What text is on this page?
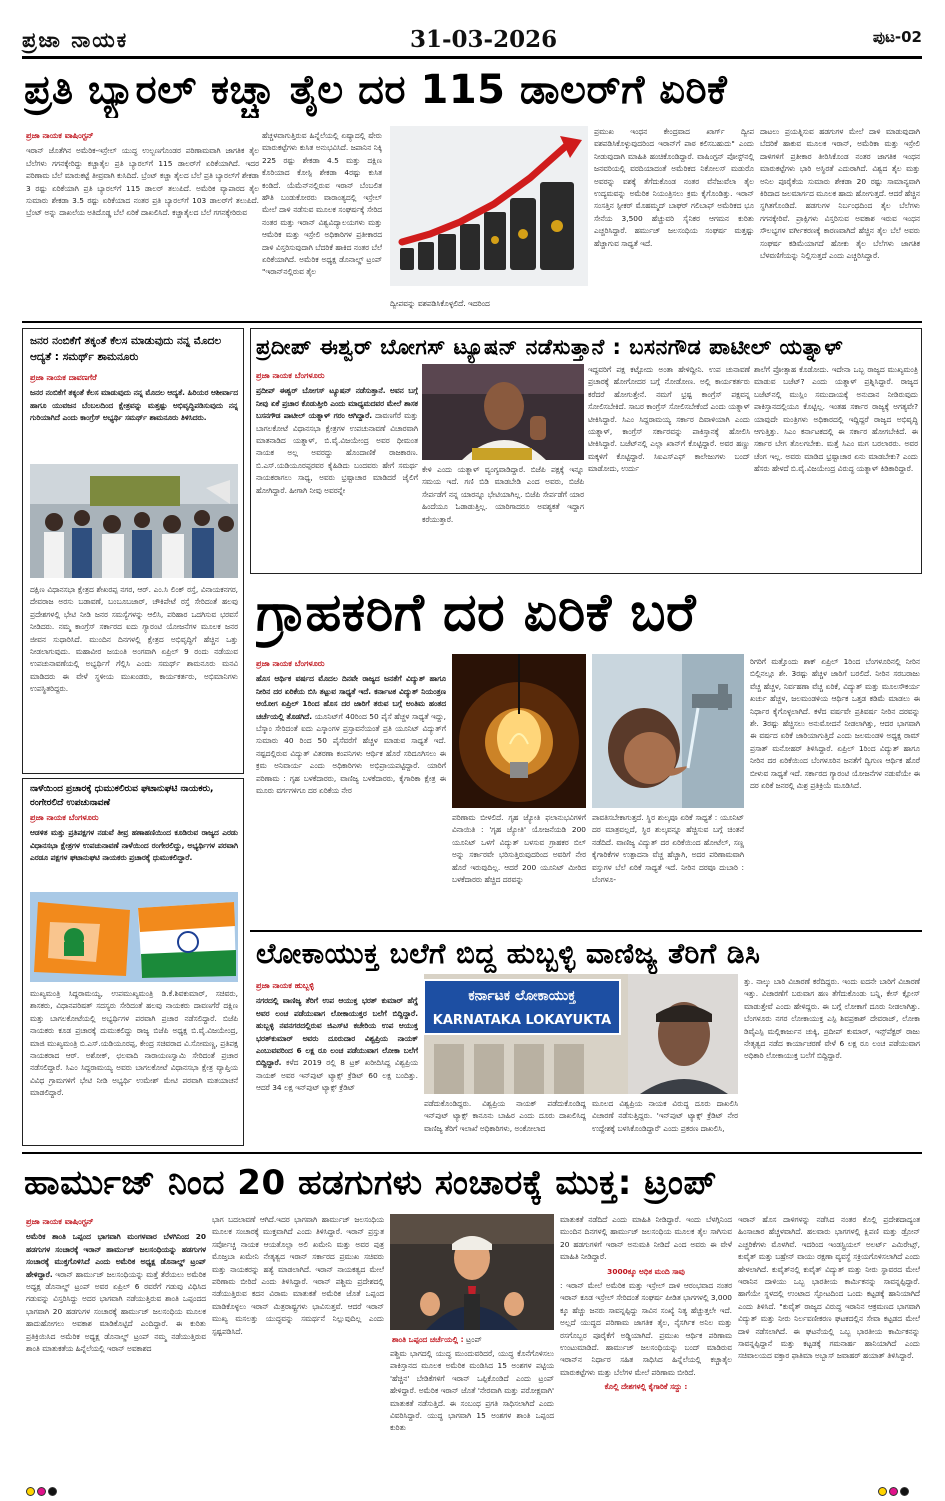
ಪ್ರಜಾ ನಾಯಕ	31-03-2026	ಪುಟ-02
ಪ್ರತಿ ಬ್ಯಾರಲ್ ಕಚ್ಚಾ ತೈಲ ದರ 115 ಡಾಲರ್‌ಗೆ ಏರಿಕೆ
ಪ್ರಜಾ ನಾಯಕ ವಾಷಿಂಗ್ಟನ್
ಇರಾನ್ ಜೊತೆಗಿನ ಅಮೆರಿಕ-ಇಸ್ರೇಲ್ ಯುದ್ಧ ಉಲ್ಬಣಗೊಂಡರ ಪರಿಣಾಮವಾಗಿ ಜಾಗತಿಕ ತೈಲ ಬೆಲೆಗಳು ಗಗನಕ್ಕೇರಿದ್ದು ಕಚ್ಚಾತೈಲ ಪ್ರತಿ ಬ್ಯಾರಲ್‌ಗೆ 115 ಡಾಲರ್‌ಗೆ ಏರಿಕೆಯಾಗಿದೆ. ಇದರ ಪರಿಣಾಮ ಬೆಲೆ ಮಾರುಕಟ್ಟೆ ತೀವ್ರವಾಗಿ ಕುಸಿದಿದೆ. ಬ್ರೆಂಟ್ ಕಚ್ಚಾ ತೈಲದ ಬೆಲೆ ಪ್ರತಿ ಬ್ಯಾರಲ್‌ಗೆ ಶೇಕಡಾ 3 ರಷ್ಟು ಏರಿಕೆಯಾಗಿ ಪ್ರತಿ ಬ್ಯಾರಲ್‌ಗೆ 115 ಡಾಲರ್ ತಲುಪಿದೆ. ಅಮೆರಿಕ ವ್ಯಾಪಾರದ ತೈಲ ಸುಮಾರು ಶೇಕಡಾ 3.5 ರಷ್ಟು ಏರಿಕೆಯಾದ ನಂತರ ಪ್ರತಿ ಬ್ಯಾರಲ್‌ಗೆ 103 ಡಾಲರ್‌ಗೆ ತಲುಪಿದೆ. ಬ್ರೆಂಟ್ ಅನ್ನು ದಾಖಲೆಯ ಅತಿದೊಡ್ಡ ಬೆಲೆ ಏರಿಕೆ ದಾಖಲಿಸಿದೆ. ಕಚ್ಚಾತೈಲದ ಬೆಲೆ ಗಗನಕ್ಕೇರಿರುವ
ಹೆಚ್ಚಳವಾಗುತ್ತಿರುವ ಹಿನ್ನೆಲೆಯಲ್ಲಿ ಏಷ್ಯಾದಲ್ಲಿ ಷೇರು ಮಾರುಕಟ್ಟೆಗಳು ಕುಸಿತ ಅನುಭವಿಸಿದೆ. ಜಪಾನಿನ ನಿಕ್ಕಿ 225 ರಷ್ಟು ಶೇಕಡಾ 4.5 ಮತ್ತು ದಕ್ಷಿಣ ಕೊರಿಯಾದ ಕೋಸ್ಪಿ ಶೇಕಡಾ 4ರಷ್ಟು ಕುಸಿತ ಕಂಡಿದೆ. ಯೆಮೆನ್‌ನಲ್ಲಿರುವ ಇರಾನ್ ಬೆಂಬಲಿತ ಹೌತಿ ಬಂಡುಕೋರರು ವಾರಾಂತ್ಯದಲ್ಲಿ ಇಸ್ರೇಲ್ ಮೇಲೆ ದಾಳಿ ನಡೆಸುವ ಮೂಲಕ ಸಂಘರ್ಷಕ್ಕೆ ಸೇರಿದ ನಂತರ ಮತ್ತು ಇರಾನ್ ವಿಶ್ವವಿದ್ಯಾಲಯಗಳು ಮತ್ತು ಆಮೆರಿಕ ಮತ್ತು ಇಸ್ರೇಲಿ ಅಧಿಕಾರಿಗಳ ಪ್ರತೀಕಾರದ ದಾಳಿ ವಿಸ್ತರಿಸುವುದಾಗಿ ಬೆದರಿಕೆ ಹಾಕಿದ ನಂತರ ಬೆಲೆ ಏರಿಕೆಯಾಗಿದೆ. ಅಮೆರಿಕ ಅಧ್ಯಕ್ಷ ಡೊನಾಲ್ಡ್ ಟ್ರಂಪ್ "ಇರಾನ್‌ನಲ್ಲಿರುವ ತೈಲ
ದ್ವೀಪವನ್ನು ವಶಪಡಿಸಿಕೊಳ್ಳಲಿದೆ. ಇದರಿಂದ
ಪ್ರಮುಖ ಇಂಧನ ಕೇಂದ್ರವಾದ ಖಾರ್ಗ್ ದ್ವೀಪ ವಶಪಡಿಸಿಕೊಳ್ಳುವುದರಿಂದ ಇರಾನ್‌ಗೆ ಪಾಠ ಕಲಿಸಬಹುದು" ಎಂದು ನೀಡುವುದಾಗಿ ಮಾಹಿತಿ ಹಂಚಿಕೊಂಡಿದ್ದಾರೆ. ವಾಷಿಂಗ್ಟನ್ ಪೋಸ್ಟ್‌ನಲ್ಲಿ ಜನವರಿಯಲ್ಲಿ ವರದಿಯಾದಂತೆ ಅಮೆರಿಕದ ನಿಕೋಲಸ್ ಮಡುರೊ ಅವರನ್ನು ವಶಕ್ಕೆ ತೆಗೆದುಕೊಂಡ ನಂತರ ವೆನೆಜುವೆಲಾ ತೈಲ ಉದ್ಯಮವನ್ನು ಅಮೆರಿಕ ನಿಯಂತ್ರಿಸಲು ಕ್ರಮ ಕೈಗೊಂಡಿತ್ತು. ಇರಾನ್ ಸಂಸತ್ತಿನ ಸ್ಪೀಕರ್ ಮೊಹಮ್ಮದ್ ಬಾಘರ್ ಗಲಿಬಾಫ್ ಅಮೆರಿಕದ ಭೂ ಸೇನೆಯ 3,500 ಹೆಚ್ಚುವರಿ ಸೈನಿಕರ ಆಗಮನ ಕುರಿತು ಎಚ್ಚರಿಸಿದ್ದಾರೆ. ಹರ್ಮುಜ್ ಜಲಸಂಧಿಯ ಸಂಘರ್ಷ ಮತ್ತಷ್ಟು ಹೆಚ್ಚಾಗುವ ಸಾಧ್ಯತೆ ಇದೆ.
ದಾಟಲು ಪ್ರಯತ್ನಿಸುವ ಹಡಗುಗಳ ಮೇಲೆ ದಾಳಿ ಮಾಡುವುದಾಗಿ ಬೆದರಿಕೆ ಹಾಕುವ ಮೂಲಕ ಇರಾನ್, ಅಮೆರಿಕಾ ಮತ್ತು ಇಸ್ರೇಲಿ ದಾಳಿಗಳಿಗೆ ಪ್ರತೀಕಾರ ತೀರಿಸಿಕೊಂಡ ನಂತರ ಜಾಗತಿಕ ಇಂಧನ ಮಾರುಕಟ್ಟೆಗಳು ಭಾರಿ ಅಸ್ಥಿರತೆ ಎದುರಾಗಿದೆ. ವಿಶ್ವದ ತೈಲ ಮತ್ತು ಅನಿಲ ಪೂರೈಕೆಯ ಸುಮಾರು ಶೇಕಡಾ 20 ರಷ್ಟು ಸಾಮಾನ್ಯವಾಗಿ ಕಿರಿದಾದ ಜಲಮಾರ್ಗದ ಮೂಲಕ ಹಾದು ಹೋಗುತ್ತದೆ. ಆದರೆ ಹೆಚ್ಚಿನ ಸ್ಥಗಿತಗೊಂಡಿದೆ. ಹಡಗುಗಳ ನಿರ್ಬಂಧದಿಂದ ತೈಲ ಬೆಲೆಗಳು ಗಗನಕ್ಕೇರಿವೆ. ಪ್ರಾಕ್ಸಿಗಳು ವಿಸ್ತರಿಸುವ ಅವಕಾಶ ಇರುವ ಇಂಧನ ಸೌಲಭ್ಯಗಳ ವರ್ಗೀಕರಣಕ್ಕೆ ಕಾರಣವಾಗಿದೆ ಹೆಚ್ಚಿನ ತೈಲ ಬೆಲೆ ಅವರು ಸಂಘರ್ಷ ಕಡಿಮೆಯಾಗದೆ ಹೋಕು ತೈಲ ಬೆಲೆಗಳು ಜಾಗತಿಕ ಬೆಳವಣಿಗೆಯನ್ನು ನಿಲ್ಲಿಸುತ್ತದೆ ಎಂದು ಎಚ್ಚರಿಸಿದ್ದಾರೆ.
ಜನರ ನಂಬಿಕೆಗೆ ತಕ್ಕಂತೆ ಕೆಲಸ ಮಾಡುವುದು ನನ್ನ ಮೊದಲ ಆದ್ಯತೆ : ಸಮರ್ಥ್ ಶಾಮನೂರು
ಪ್ರಜಾ ನಾಯಕ ದಾವಣಗೆರೆ
ಜನರ ನಂಬಿಕೆಗೆ ತಕ್ಕಂತೆ ಕೆಲಸ ಮಾಡುವುದು ನನ್ನ ಮೊದಲ ಆದ್ಯತೆ. ಹಿರಿಯರ ಆಶೀರ್ವಾದ ಹಾಗೂ ಯುವಜನ ಬೆಂಬಲದಿಂದ ಕ್ಷೇತ್ರವನ್ನು ಮತ್ತಷ್ಟು ಅಭಿವೃದ್ಧಿಪಡಿಸುವುದು ನನ್ನ ಗುರಿಯಾಗಿದೆ ಎಂದು ಕಾಂಗ್ರೆಸ್ ಅಭ್ಯರ್ಥಿ ಸಮರ್ಥ್ ಶಾಮನೂರು ತಿಳಿಸಿದರು.
ದಕ್ಷಿಣ ವಿಧಾನಸಭಾ ಕ್ಷೇತ್ರದ ಶೇಖರಪ್ಪ ನಗರ, ಆರ್. ಎಂ.ಸಿ ಲಿಂಕ್ ರಸ್ತೆ, ವಿನಾಯಕನಗರ, ದೇವರಾಜ ಅರಸು ಬಡಾವಣೆ, ಬಂಬೂಬಜಾರ್, ಚೌಕಿಪೇಟೆ ರಸ್ತೆ ಸೇರಿದಂತೆ ಹಲವು ಪ್ರದೇಶಗಳಲ್ಲಿ ಭೇಟಿ ನೀಡಿ ಜನರ ಸಮಸ್ಯೆಗಳನ್ನು ಆಲಿಸಿ, ಪರಿಹಾರ ಒದಗಿಸುವ ಭರವಸೆ ನೀಡಿದರು. ನಮ್ಮ ಕಾಂಗ್ರೆಸ್ ಸರ್ಕಾರದ ಐದು ಗ್ಯಾರಂಟಿ ಯೋಜನೆಗಳ ಮೂಲಕ ಜನರ ಜೀವನ ಸುಧಾರಿಸಿದೆ. ಮುಂದಿನ ದಿನಗಳಲ್ಲಿ ಕ್ಷೇತ್ರದ ಅಭಿವೃದ್ಧಿಗೆ ಹೆಚ್ಚಿನ ಒತ್ತು ನೀಡಲಾಗುವುದು. ಮಹಾವೀರ ಜಯಂತಿ ಅಂಗವಾಗಿ ಏಪ್ರಿಲ್ 9 ರಂದು ನಡೆಯುವ ಉಪಚುನಾವಣೆಯಲ್ಲಿ ಅಭ್ಯರ್ಥಿಗೆ ಗೆಲ್ಲಿಸಿ ಎಂದು ಸಮರ್ಥ್ ಶಾಮನೂರು ಮನವಿ ಮಾಡಿದರು ಈ ವೇಳೆ ಸ್ಥಳೀಯ ಮುಖಂಡರು, ಕಾರ್ಯಕರ್ತರು, ಅಭಿಮಾನಿಗಳು ಉಪಸ್ಥಿತರಿದ್ದರು.
ನಾಳೆಯಿಂದ ಪ್ರಚಾರಕ್ಕೆ ಧುಮುಕಲಿರುವ ಘಟಾನುಘಟಿ ನಾಯಕರು, ರಂಗೇರಲಿದೆ ಉಪಚುನಾವಣೆ
ಪ್ರಜಾ ನಾಯಕ ಬೆಂಗಳೂರು
ಆಡಳಿತ ಮತ್ತು ಪ್ರತಿಪಕ್ಷಗಳ ನಡುವೆ ತೀವ್ರ ಹಣಾಹಣಿಯಿಂದ ಕೂಡಿರುವ ರಾಜ್ಯದ ಎರಡು ವಿಧಾನಸಭಾ ಕ್ಷೇತ್ರಗಳ ಉಪಚುನಾವಣೆ ನಾಳೆಯಿಂದ ರಂಗೇರಲಿದ್ದು, ಅಭ್ಯರ್ಥಿಗಳ ಪರವಾಗಿ ಎರಡೂ ಪಕ್ಷಗಳ ಘಟಾನುಘಟಿ ನಾಯಕರು ಪ್ರಚಾರಕ್ಕೆ ಧುಮುಕಲಿದ್ದಾರೆ.
ಮುಖ್ಯಮಂತ್ರಿ ಸಿದ್ದರಾಮಯ್ಯ, ಉಪಮುಖ್ಯಮಂತ್ರಿ ಡಿ.ಕೆ.ಶಿವಕುಮಾರ್, ಸಚಿವರು, ಶಾಸಕರು, ವಿಧಾನಪರಿಷತ್ ಸದಸ್ಯರು ಸೇರಿದಂತೆ ಹಲವು ನಾಯಕರು ದಾವಣಗೆರೆ ದಕ್ಷಿಣ ಮತ್ತು ಬಾಗಲಕೋಟೆಯಲ್ಲಿ ಅಭ್ಯರ್ಥಿಗಳ ಪರವಾಗಿ ಪ್ರಚಾರ ನಡೆಸಲಿದ್ದಾರೆ. ಬಿಜೆಪಿ ನಾಯಕರು ಕೂಡ ಪ್ರಚಾರಕ್ಕೆ ದುಮುಕಲಿದ್ದು ರಾಜ್ಯ ಬಿಜೆಪಿ ಅಧ್ಯಕ್ಷ ಬಿ.ವೈ.ವಿಜಯೇಂದ್ರ, ಮಾಜಿ ಮುಖ್ಯಮಂತ್ರಿ ಬಿ.ಎಸ್.ಯಡಿಯೂರಪ್ಪ, ಕೇಂದ್ರ ಸಚಿವರಾದ ವಿ.ಸೋಮಣ್ಣ, ಪ್ರತಿಪಕ್ಷ ನಾಯಕರಾದ ಆರ್. ಅಶೋಕ್, ಛಲವಾದಿ ನಾರಾಯಣಸ್ವಾಮಿ ಸೇರಿದಂತೆ ಪ್ರಚಾರ ನಡೆಸಲಿದ್ದಾರೆ. ಸಿಎಂ ಸಿದ್ದರಾಮಯ್ಯ ಅವರು ಬಾಗಲಕೋಟೆ ವಿಧಾನಸಭಾ ಕ್ಷೇತ್ರ ವ್ಯಾಪ್ತಿಯ ವಿವಿಧ ಗ್ರಾಮಗಳಿಗೆ ಭೇಟಿ ನೀಡಿ ಅಭ್ಯರ್ಥಿ ಉಮೇಶ್ ಮೇಟಿ ಪರವಾಗಿ ಮತಯಾಚನೆ ಮಾಡಲಿದ್ದಾರೆ.
ಪ್ರದೀಪ್ ಈಶ್ವರ್ ಬೋಗಸ್ ಟ್ಯೂಷನ್ ನಡೆಸುತ್ತಾನೆ : ಬಸನಗೌಡ ಪಾಟೀಲ್ ಯತ್ನಾಳ್
ಪ್ರಜಾ ನಾಯಕ ಬೆಂಗಳೂರು
ಪ್ರದೀಪ್ ಈಶ್ವರ್ ಬೋಗಸ್ ಟ್ಯೂಷನ್ ನಡೆಸುತ್ತಾನೆ. ಅವನ ಬಗ್ಗೆ ನೀವು ಏಕೆ ಪ್ರಚಾರ ಕೊಡುತ್ತೀರಿ ಎಂದು ಮಾಧ್ಯಮದವರ ಮೇಲೆ ಶಾಸಕ ಬಸನಗೌಡ ಪಾಟೀಲ್ ಯತ್ನಾಳ್ ಗರಂ ಆಗಿದ್ದಾರೆ. ದಾವಣಗೆರೆ ಮತ್ತು ಬಾಗಲಕೋಟೆ ವಿಧಾನಸಭಾ ಕ್ಷೇತ್ರಗಳ ಉಪಚುನಾವಣೆ ವಿಚಾರವಾಗಿ ಮಾತನಾಡಿದ ಯತ್ನಾಳ್, ಬಿ.ವೈ.ವಿಜಯೇಂದ್ರ ಅವರ ಧೀಮಂತ ನಾಯಕ ಅಲ್ಲ ಅವರದ್ದು ಹೊಂದಾಣಿಕೆ ರಾಜಕಾರಣ. ಬಿ.ಎಸ್.ಯಡಿಯೂರಪ್ಪರವರ ಕೈಹಿಡಿದು ಬಂದವರು ಹೇಗೆ ಸಮರ್ಥ ನಾಯಕರಾಗಲು ಸಾಧ್ಯ, ಅವರು ಭ್ರಷ್ಟಾಚಾರ ಮಾಡಿದರೆ ಜೈಲಿಗೆ ಹೋಗಿದ್ದಾರೆ. ಹೀಗಾಗಿ ನೀವು ಅವರನ್ನೇ
ಕೇಳಿ ಎಂದು ಯತ್ನಾಳ್ ವ್ಯಂಗ್ಯವಾಡಿದ್ದಾರೆ. ಬಿಜೆಪಿ ಪಕ್ಷಕ್ಕೆ ಇನ್ನೂ ಸಮಯ ಇದೆ. ಗಣಿ ಬಿಡಿ ಮಾಡಬೇಡಿ ಎಂದ ಅವರು, ಬಿಜೆಪಿ ಸೇರ್ಪಡೆಗೆ ನನ್ನ ಯಾರನ್ನೂ ಭೇಟಿಯಾಗಿಲ್ಲ. ಬಿಜೆಪಿ ಸೇರ್ಪಡೆಗೆ ಯಾರ ಹಿಂದೆಯೂ ಓಡಾಡುತ್ತಿಲ್ಲ. ಯಾರಿಗಾದರೂ ಅವಶ್ಯಕತೆ ಇದ್ದಾಗ ಕರೆಯುತ್ತಾರೆ.
ಇದ್ದವರಿಗೆ ಪಕ್ಷ ಕಟ್ಟೋದು ಅಂತಾ ಹೇಳಿದ್ದೀನಿ. ಉಪ ಚುನಾವಣೆ ಪ್ರಚಾರಕ್ಕೆ ಹೋಗೋದರ ಬಗ್ಗೆ ನೋಡೋಣ. ಅಲ್ಲಿ ಕಾರ್ಯಕರ್ತರು ಕರೆದರೆ ಹೋಗುತ್ತೇನೆ. ನಮಗೆ ಭ್ರಷ್ಟ ಕಾಂಗ್ರೆಸ್ ಪಕ್ಷವನ್ನ ಸೋಲಿಸಬೇಕಿದೆ. ಸಾಬರ ಕಾಂಗ್ರೆಸ್ ಸೋಲಿಸಬೇಕೆಂದೆ ಎಂದು ಯತ್ನಾಳ್ ಟೀಕಿಸಿದ್ದಾರೆ. ಸಿಎಂ ಸಿದ್ದರಾಮಯ್ಯ ಸರ್ಕಾರ ದಿವಾಳಿಯಾಗಿ ಎಂದು ಯತ್ನಾಳ್, ಕಾಂಗ್ರೆಸ್ ಸರ್ಕಾರವನ್ನು ಪಾಕಿಸ್ತಾನಕ್ಕೆ ಹೋಲಿಸಿ ಟೀಕಿಸಿದ್ದಾರೆ. ಬಜೆಟ್‌ನಲ್ಲಿ ಎಲ್ಲಾ ಖಾನ್‌ಗೆ ಕೊಟ್ಟಿದ್ದಾರೆ. ಅವರ ಹಣ್ಣು ಮಕ್ಕಳಿಗೆ ಕೊಟ್ಟಿದ್ದಾರೆ. ಸಿಐಎಸ್ಎಫ್ ಕಾಲೇಜುಗಳು ಬಂದ್ ಮಾಡೋದು, ಉರ್ದು
ಶಾಲೆಗೆ ಪ್ರೋತ್ಸಾಹ ಕೊಡೋದು. ಇದೇನಾ ಒಬ್ಬ ರಾಜ್ಯದ ಮುಖ್ಯಮಂತ್ರಿ ಮಾಡುವ ಬಜೆಟ್? ಎಂದು ಯತ್ನಾಳ್ ಪ್ರಶ್ನಿಸಿದ್ದಾರೆ. ರಾಜ್ಯದ ಬಜೆಟ್‌ನಲ್ಲಿ ಮುಸ್ಲಿಂ ಸಮುದಾಯಕ್ಕೆ ಅನುದಾನ ನೀಡಿರುವುದು ಪಾಕಿಸ್ತಾನದಲ್ಲಿಯೂ ಕೊಟ್ಟಿಲ್ಲ. ಇಂತಹ ಸರ್ಕಾರ ರಾಜ್ಯಕ್ಕೆ ಅಗತ್ಯವೇ? ಯಾವುದೇ ಮಂತ್ರಿಗಳು ಅಧಿಕಾರದಲ್ಲಿ ಇದ್ದಿದ್ದರೆ ರಾಜ್ಯದ ಅಭಿವೃದ್ಧಿ ಆಗುತ್ತಿತ್ತು. ಸಿಎಂ ಕರ್ನಾಟಕದಲ್ಲಿ ಈ ಸರ್ಕಾರ ಹೋಗಬೇಕಿದೆ. ಈ ಸರ್ಕಾರ ಬೇಗ ತೊಲಗಬೇಕು. ಮತ್ತೆ ಸಿಎಂ ಮಗ ಬರಲಾರರು. ಅವರ ಚೆಂಗ ಇಲ್ಲ. ಅವರು ಮಾಡಿದ ಭ್ರಷ್ಟಾಚಾರ ಏನು ಮಾಡಬೇಕು? ಎಂದು ಹೆಸರು ಹೇಳದೆ ಬಿ.ವೈ.ವಿಜಯೇಂದ್ರ ವಿರುದ್ಧ ಯತ್ನಾಳ್ ಕಿಡಿಕಾರಿದ್ದಾರೆ.
ಗ್ರಾಹಕರಿಗೆ ದರ ಏರಿಕೆ ಬರೆ
ಪ್ರಜಾ ನಾಯಕ ಬೆಂಗಳೂರು
ಹೊಸ ಆರ್ಥಿಕ ವರ್ಷದ ಮೊದಲ ದಿನವೇ ರಾಜ್ಯದ ಜನತೆಗೆ ವಿದ್ಯುತ್ ಹಾಗೂ ನೀರಿನ ದರ ಏರಿಕೆಯ ಬಿಸಿ ತಟ್ಟುವ ಸಾಧ್ಯತೆ ಇದೆ. ಕರ್ನಾಟಕ ವಿದ್ಯುತ್ ನಿಯಂತ್ರಣ ಆಯೋಗ ಏಪ್ರಿಲ್ 1ರಿಂದ ಹೊಸ ದರ ಜಾರಿಗೆ ತರುವ ಬಗ್ಗೆ ಅಂತಿಮ ಹಂತದ ಚರ್ಚೆಯಲ್ಲಿ ತೊಡಗಿದೆ. ಯೂನಿಟ್‌ಗೆ 40ರಿಂದ 50 ಪೈಸೆ ಹೆಚ್ಚಳ ಸಾಧ್ಯತೆ ಇದ್ದು, ಬೆಸ್ಕಾಂ ಸೇರಿದಂತೆ ಐದು ಎಸ್ಕಾಂಗಳ ಪ್ರಸ್ತಾವನೆಯಂತೆ ಪ್ರತಿ ಯೂನಿಟ್ ವಿದ್ಯುತ್‌ಗೆ ಸುಮಾರು 40 ರಿಂದ 50 ಪೈಸೆವರೆಗೆ ಹೆಚ್ಚಳ ಮಾಡುವ ಸಾಧ್ಯತೆ ಇದೆ. ನಷ್ಟದಲ್ಲಿರುವ ವಿದ್ಯುತ್ ವಿತರಣಾ ಕಂಪನಿಗಳು ಆರ್ಥಿಕ ಹೊರೆ ಸರಿದೂಗಿಸಲು ಈ ಕ್ರಮ ಅನಿವಾರ್ಯ ಎಂದು ಅಧಿಕಾರಿಗಳು ಅಭಿಪ್ರಾಯಪಟ್ಟಿದ್ದಾರೆ. ಯಾರಿಗೆ ಪರಿಣಾಮ : ಗೃಹ ಬಳಕೆದಾರರು, ವಾಣಿಜ್ಯ ಬಳಕೆದಾರರು, ಕೈಗಾರಿಕಾ ಕ್ಷೇತ್ರ ಈ ಮೂರು ವರ್ಗಗಳಿಗೂ ದರ ಏರಿಕೆಯ ನೇರ
ಪರಿಣಾಮ ಬೀಳಲಿದೆ. ಗೃಹ ಜ್ಯೋತಿ ಫಲಾನುಭವಿಗಳಿಗೆ ವಿನಾಯಿತಿ : 'ಗೃಹ ಜ್ಯೋತಿ' ಯೋಜನೆಯಡಿ 200 ಯೂನಿಟ್ ಒಳಗೆ ವಿದ್ಯುತ್ ಬಳಸುವ ಗ್ರಾಹಕರ ಬಿಲ್ ಅನ್ನು ಸರ್ಕಾರವೇ ಭರಿಸುತ್ತಿರುವುದರಿಂದ ಅವರಿಗೆ ನೇರ ಹೊರೆ ಇರುವುದಿಲ್ಲ. ಆದರೆ 200 ಯೂನಿಟ್ ಮೀರಿದ ಬಳಕೆದಾರರು ಹೆಚ್ಚಿದ ದರವನ್ನು
ಪಾವತಿಸಬೇಕಾಗುತ್ತದೆ. ಸ್ಥಿರ ಶುಲ್ಕವೂ ಏರಿಕೆ ಸಾಧ್ಯತೆ : ಯೂನಿಟ್ ದರ ಮಾತ್ರವಲ್ಲದೆ, ಸ್ಥಿರ ಶುಲ್ಕವನ್ನೂ ಹೆಚ್ಚಿಸುವ ಬಗ್ಗೆ ಚಿಂತನೆ ನಡೆದಿದೆ. ವಾಣಿಜ್ಯ ವಿದ್ಯುತ್ ದರ ಏರಿಕೆಯಿಂದ ಹೋಟೆಲ್, ಸಣ್ಣ ಕೈಗಾರಿಕೆಗಳ ಉತ್ಪಾದನಾ ವೆಚ್ಚ ಹೆಚ್ಚಾಗಿ, ಅದರ ಪರಿಣಾಮವಾಗಿ ವಸ್ತುಗಳ ಬೆಲೆ ಏರಿಕೆ ಸಾಧ್ಯತೆ ಇದೆ. ನೀರಿನ ದರವೂ ದುಬಾರಿ : ಬೆಂಗಳೂ-
ರಿಗರಿಗೆ ಮತ್ತೊಂದು ಶಾಕ್ ಏಪ್ರಿಲ್ 1ರಿಂದ ಬೆಂಗಳೂರಿನಲ್ಲಿ ನೀರಿನ ಬಿಲ್ಲಿನಲ್ಲೂ ಶೇ. 3ರಷ್ಟು ಹೆಚ್ಚಳ ಜಾರಿಗೆ ಬರಲಿದೆ. ನೀರಿನ ಸರಬರಾಜು ವೆಚ್ಚ ಹೆಚ್ಚಳ, ನಿರ್ವಹಣಾ ವೆಚ್ಚ ಏರಿಕೆ, ವಿದ್ಯುತ್ ಮತ್ತು ಮೂಲಸೌಕರ್ಯ ಖರ್ಚು ಹೆಚ್ಚಳ, ಜಲಮಂಡಳಿಯ ಆರ್ಥಿಕ ಒತ್ತಡ ಕಡಿಮೆ ಮಾಡಲು ಈ ನಿರ್ಧಾರ ಕೈಗೊಳ್ಳಲಾಗಿದೆ. ಕಳೆದ ವರ್ಷವೇ ಪ್ರತಿವರ್ಷ ನೀರಿನ ದರವನ್ನು ಶೇ. 3ರಷ್ಟು ಹೆಚ್ಚಿಸಲು ಅನುಮೋದನೆ ನೀಡಲಾಗಿತ್ತು, ಆದರ ಭಾಗವಾಗಿ ಈ ವರ್ಷದ ಏರಿಕೆ ಜಾರಿಯಾಗುತ್ತಿದೆ ಎಂದು ಜಲಮಂಡಳಿ ಅಧ್ಯಕ್ಷ ರಾಮ್ ಪ್ರಸಾತ್ ಮನೋಹರ್ ತಿಳಿಸಿದ್ದಾರೆ. ಏಪ್ರಿಲ್ 1ರಿಂದ ವಿದ್ಯುತ್ ಹಾಗೂ ನೀರಿನ ದರ ಏರಿಕೆಯಿಂದ ಬೆಂಗಳೂರಿನ ಜನತೆಗೆ ದ್ವಿಗುಣ ಆರ್ಥಿಕ ಹೊರೆ ಬೀಳುವ ಸಾಧ್ಯತೆ ಇದೆ. ಸರ್ಕಾರದ ಗ್ಯಾರಂಟಿ ಯೋಜನೆಗಳ ನಡುವೆಯೇ ಈ ದರ ಏರಿಕೆ ಜನರಲ್ಲಿ ಮಿಶ್ರ ಪ್ರತಿಕ್ರಿಯೆ ಮೂಡಿಸಿದೆ.
ಲೋಕಾಯುಕ್ತ ಬಲೆಗೆ ಬಿದ್ದ ಹುಬ್ಬಳ್ಳಿ ವಾಣಿಜ್ಯ ತೆರಿಗೆ ಡಿಸಿ
ಪ್ರಜಾ ನಾಯಕ ಹುಬ್ಬಳ್ಳಿ
ನಗರದಲ್ಲಿ ವಾಣಿಜ್ಯ ತೆರಿಗೆ ಉಪ ಆಯುಕ್ತ ಭರತ್ ಕುಮಾರ್ ಹೆಗ್ಡೆ ಅವರ ಲಂಚ ಪಡೆಯುವಾಗ ಲೋಕಾಯುಕ್ತರ ಬಲೆಗೆ ಬಿದ್ದಿದ್ದಾರೆ. ಹುಬ್ಬಳ್ಳಿ ನವನಗರದಲ್ಲಿರುವ ಜಿಎಸ್‌ಟಿ ಕಚೇರಿಯ ಉಪ ಆಯುಕ್ತ ಭರತ್‌ಕುಮಾರ್ ಅವರು ದೂರುದಾರ ವಿಶ್ವಪ್ರಿಯ ನಾಯಕ್ ಎಂಬುವವರಿಂದ 6 ಲಕ್ಷ ರೂ ಲಂಚ ಪಡೆಯುವಾಗ ಲೋಕಾ ಬಲೆಗೆ ಬಿದ್ದಿದ್ದಾರೆ. ಕಳೆದ 2019 ರಲ್ಲಿ 8 ಟ್ರಕ್ ಖರೀದಿಸಿದ್ದ ವಿಶ್ವಪ್ರಿಯ ನಾಯಕ್ ಅವರ ಇನ್‌ಪುಟ್ ಟ್ಯಾಕ್ಸ್ ಕ್ರೆಡಿಟ್ 60 ಲಕ್ಷ ಬಂದಿತ್ತು. ಆದರೆ 34 ಲಕ್ಷ ಇನ್‌ಪುಟ್ ಟ್ಯಾಕ್ಸ್ ಕ್ರೆಡಿಟ್
ಕರ್ನಾಟಕ ಲೋಕಾಯುಕ್ತ
KARNATAKA LOKAYUKTA
ಪಡೆದುಕೊಂಡಿದ್ದರು. ವಿಶ್ವಪ್ರಿಯ ನಾಯಕ್ ಪಡೆದುಕೊಂಡಿದ್ದ ಇನ್‌ಪುಟ್ ಟ್ಯಾಕ್ಸ್ ಕಾನೂನು ಬಾಹಿರ ಎಂದು ದೂರು ದಾಖಲಿಸಿದ್ದ ವಾಣಿಜ್ಯ ತೆರಿಗೆ ಇಲಾಖೆ ಅಧಿಕಾರಿಗಳು, ಅಂಕೋಲಾದ
ಮೂಲದ ವಿಶ್ವಪ್ರಿಯ ನಾಯಕ ವಿರುದ್ಧ ದೂರು ದಾಖಲಿಸಿ ವಿಚಾರಣೆ ನಡೆಸುತ್ತಿದ್ದರು. 'ಇನ್‌ಪುಟ್ ಟ್ಯಾಕ್ಸ್ ಕ್ರೆಡಿಟ್ ನೇರ ಉದ್ದೇಶಕ್ಕೆ ಬಳಸಿಕೊಂಡಿದ್ದಾರೆ' ಎಂದು ಪ್ರಕರಣ ದಾಖಲಿಸಿ,
ತ್ತು. ನಾಲ್ಕು ಬಾರಿ ವಿಚಾರಣೆ ಕರೆದಿದ್ದರು. ಇಂದು ಐದನೇ ಬಾರಿಗೆ ವಿಚಾರಣೆ ಇತ್ತು. ವಿಚಾರಣೆಗೆ ಬರುವಾಗ ಹಣ ತೆಗೆದುಕೊಂಡು ಬನ್ನಿ, ಕೇಸ್ ಕ್ಲೋಸ್ ಮಾಡುತ್ತೇವೆ ಎಂದು ಹೇಳಿದ್ದರು. ಈ ಬಗ್ಗೆ ಲೋಕಾಗೆ ದೂರು ನೀಡಲಾಗಿತ್ತು. ಬೆಂಗಳೂರು ನಗರ ಲೋಕಾಯುಕ್ತ ಎಸ್ಪಿ ಶಿವಪ್ರಕಾಶ್ ದೇವರಾಜ್, ಲೋಕಾ ಡಿವೈಎಸ್ಪಿ ಮಲ್ಲಿಕಾರ್ಜುನ ಚುಕ್ಕಿ, ಪ್ರದೀಪ್ ಕುಮಾರ್, ಇನ್ಸ್‌ಪೆಕ್ಟರ್ ರಾಜು ನೇತೃತ್ವದ ನಡೆದ ಕಾರ್ಯಾಚರಣೆ ವೇಳೆ 6 ಲಕ್ಷ ರೂ ಲಂಚ ಪಡೆಯುವಾಗ ಅಧಿಕಾರಿ ಲೋಕಾಯುಕ್ತ ಬಲೆಗೆ ಬಿದ್ದಿದ್ದಾರೆ.
ಹಾರ್ಮುಜ್ ನಿಂದ 20 ಹಡಗುಗಳು ಸಂಚಾರಕ್ಕೆ ಮುಕ್ತ: ಟ್ರಂಪ್
ಪ್ರಜಾ ನಾಯಕ ವಾಷಿಂಗ್ಟನ್
ಅಮೆರಿಕ ಶಾಂತಿ ಒಪ್ಪಂದ ಭಾಗವಾಗಿ ಮಂಗಳವಾರ ಬೆಳಗಿನಿಂದ 20 ಹಡಗುಗಳ ಸಂಚಾರಕ್ಕೆ ಇರಾನ್ ಹಾರ್ಮುಜ್ ಜಲಸಂಧಿಯನ್ನು ಹಡಗುಗಳ ಸಂಚಾರಕ್ಕೆ ಮುಕ್ತಗೊಳಿಸಿದೆ ಎಂದು ಅಮೆರಿಕ ಅಧ್ಯಕ್ಷ ಡೊನಾಲ್ಡ್ ಟ್ರಂಪ್ ಹೇಳಿದ್ದಾರೆ. ಇರಾನ್ ಹಾರ್ಮುಜ್ ಜಲಸಂಧಿಯನ್ನು ಮತ್ತೆ ತೆರೆಯಲು ಅಮೆರಿಕ ಅಧ್ಯಕ್ಷ ಡೊನಾಲ್ಡ್ ಟ್ರಂಪ್ ಅವರ ಏಪ್ರಿಲ್ 6 ರವರೆಗೆ ಗಡುವು ವಿಧಿಸಿದ ಗಡುವನ್ನು ವಿಸ್ತರಿಸಿದ್ದು ಅದರ ಭಾಗವಾಗಿ ನಡೆಯುತ್ತಿರುವ ಶಾಂತಿ ಒಪ್ಪಂದದ ಭಾಗವಾಗಿ 20 ಹಡಗುಗಳ ಸಂಚಾರಕ್ಕೆ ಹಾರ್ಮುಜ್ ಜಲಸಂಧಿಯ ಮೂಲಕ ಹಾದುಹೋಗಲು ಅವಕಾಶ ಮಾಡಿಕೊಟ್ಟಿದೆ ಎಂದಿದ್ದಾರೆ. ಈ ಕುರಿತು ಪ್ರತಿಕ್ರಿಯಿಸಿದ ಅಮೆರಿಕ ಅಧ್ಯಕ್ಷ ಡೊನಾಲ್ಡ್ ಟ್ರಂಪ್ ನಮ್ಮ ನಡೆಯುತ್ತಿರುವ ಶಾಂತಿ ಮಾತುಕತೆಯ ಹಿನ್ನೆಲೆಯಲ್ಲಿ ಇರಾನ್ ಅವಕಾಶದ
ಭಾಗ ಬದಲಾವಣೆ ಆಗಿದೆ.ಇದರ ಭಾಗವಾಗಿ ಹಾರ್ಮುಜ್ ಜಲಸಂಧಿಯ ಮೂಲಕ ಸಂಚಾರಕ್ಕೆ ಮುಕ್ತವಾಗಿದೆ ಎಂದು ತಿಳಿಸಿದ್ದಾರೆ. ಇರಾನ್ ಪ್ರಸ್ತುತ ಸರ್ವೋಚ್ಚ ನಾಯಕ ಆಯತೊಲ್ಲಾ ಅಲಿ ಖಮೇನಿ ಮತ್ತು ಅವರ ಪುತ್ರ ಮೊಜ್ತಬಾ ಖಮೇನಿ ನೇತೃತ್ವದ ಇರಾನ್ ಸರ್ಕಾರದ ಪ್ರಮುಖ ಸಚಿವರು ಮತ್ತು ನಾಯಕರನ್ನು ಹತ್ಯೆ ಮಾಡಲಾಗಿದೆ. ಇರಾನ್ ನಾಯಕತ್ವದ ಮೇಲೆ ಪರಿಣಾಮ ಬೀರಿದೆ ಎಂದು ತಿಳಿಸಿದ್ದಾರೆ. ಇರಾನ್ ಪಶ್ಚಿಮ ಪ್ರದೇಶದಲ್ಲಿ ನಡೆಯುತ್ತಿರುವ ಕದನ ವಿರಾಮ ಮಾತುಕತೆ ಅಮೆರಿಕ ಜೊತೆ ಒಪ್ಪಂದ ಮಾಡಿಕೊಳ್ಳಲು ಇರಾನ್ ಮಿತ್ರರಾಷ್ಟ್ರಗಳು ಭಾವಿಸುತ್ತವೆ. ಆದರೆ ಇರಾನ್ ಮುಖ್ಯ ಮಸಲತ್ತು ಯುದ್ಧವನ್ನು ಸಮರ್ಥನೆ ನಿಲ್ಲುವುದಿಲ್ಲ ಎಂದು ಸ್ಪಷ್ಟಪಡಿಸಿದೆ.
ಶಾಂತಿ ಒಪ್ಪಂದ ಚರ್ಚೆಯಲ್ಲಿ : ಟ್ರಂಪ್
ಪಶ್ಚಿಮ ಭಾಗದಲ್ಲಿ ಯುದ್ಧ ಮುಂದುವರಿದರೆ, ಯುದ್ಧ ಕೊನೆಗೊಳಿಸಲು ಪಾಕಿಸ್ತಾನದ ಮೂಲಕ ಅಮೆರಿಕ ಮಂಡಿಸಿದ 15 ಅಂಶಗಳ ಪಟ್ಟಿಯ 'ಹೆಚ್ಚಿನ' ಬೇಡಿಕೆಗಳಿಗೆ ಇರಾನ್ ಒಪ್ಪಿಕೊಂಡಿದೆ ಎಂದು ಟ್ರಂಪ್ ಹೇಳಿದ್ದಾರೆ. ಅಮೆರಿಕ ಇರಾನ್ ಜೊತೆ 'ನೇರವಾಗಿ ಮತ್ತು ಪರೋಕ್ಷವಾಗಿ' ಮಾತುಕತೆ ನಡೆಸುತ್ತಿದೆ. ಈ ಸಂಬಂಧ ಪ್ರಗತಿ ಸಾಧಿಸಲಾಗಿದೆ ಎಂದು ವಿವರಿಸಿದ್ದಾರೆ. ಯುದ್ಧ ಭಾಗವಾಗಿ 15 ಅಂಶಗಳ ಶಾಂತಿ ಒಪ್ಪಂದ ಕುರಿತು
ಮಾತುಕತೆ ನಡೆದಿದೆ ಎಂದು ಮಾಹಿತಿ ನೀಡಿದ್ದಾರೆ. ಇಂದು ಬೆಳಗ್ಗಿನಿಂದ ಮುಂದಿನ ದಿನಗಳಲ್ಲಿ ಹಾರ್ಮುಜ್ ಜಲಸಂಧಿಯ ಮೂಲಕ ತೈಲ ಸಾಗಿಸುವ 20 ಹಡಗುಗಳಿಗೆ ಇರಾನ್ ಅನುಮತಿ ನೀಡಿದೆ ಎಂದ ಅವರು ಈ ವೇಳೆ ಮಾಹಿತಿ ನೀಡಿದ್ದಾರೆ.
3000ಕ್ಕೂ ಅಧಿಕ ಮಂದಿ ಸಾವು
: ಇರಾನ್ ಮೇಲೆ ಅಮೆರಿಕ ಮತ್ತು ಇಸ್ರೇಲ್ ದಾಳಿ ಆರಂಭವಾದ ನಂತರ ಇರಾನ್ ಕೂಡ ಇಸ್ರೇಲ್ ಸೇರಿದಂತೆ ಸಂಘರ್ಷ ಪೀಡಿತ ಭಾಗಗಳಲ್ಲಿ 3,000 ಕ್ಕೂ ಹೆಚ್ಚು ಜನರು ಸಾವನ್ನಪ್ಪಿದ್ದು ಸಾವಿನ ಸಂಖ್ಯೆ ನಿತ್ಯ ಹೆಚ್ಚುತ್ತಲೇ ಇದೆ. ಅಲ್ಲದೆ ಯುದ್ಧದ ಪರಿಣಾಮ ಜಾಗತಿಕ ತೈಲ, ನೈಸರ್ಗಿಕ ಅನಿಲ ಮತ್ತು ರಸಗೊಬ್ಬರ ಪೂರೈಕೆಗೆ ಅಡ್ಡಿಯಾಗಿದೆ. ಪ್ರಮುಖ ಆರ್ಥಿಕ ಪರಿಣಾಮ ಉಂಟುಮಾಡಿದೆ. ಹಾರ್ಮುಜ್ ಜಲಸಂಧಿಯನ್ನು ಬಂದ್ ಮಾಡಿರುವ ಇರಾನ್‌ನ ನಿರ್ಧಾರ ಸಹಿತ ಸಾಧಿಸಿದ ಹಿನ್ನೆಲೆಯಲ್ಲಿ ಕಚ್ಚಾತೈಲ ಮಾರುಕಟ್ಟೆಗಳು ಮತ್ತು ಬೆಲೆಗಳ ಮೇಲೆ ಪರಿಣಾಮ ಬೀರಿದೆ.
ಕೊಲ್ಲಿ ದೇಶಗಳಲ್ಲಿ ಕೈಗಾರಿಕೆ ಸದ್ದು :
ಇರಾನ್ ಹೊಸ ದಾಳಿಗಳನ್ನು ನಡೆಸಿದ ನಂತರ ಕೊಲ್ಲಿ ಪ್ರದೇಶದಾದ್ಯಂತ ಹಿಂಸಾಚಾರ ಹೆಚ್ಚಳವಾಗಿದೆ. ಹಲವಾರು ಭಾಗಗಳಲ್ಲಿ ಕ್ಷಿಪಣಿ ಮತ್ತು ಡ್ರೋನ್ ಎಚ್ಚರಿಕೆಗಳು ಮೊಳಗಿವೆ. ಇದರಿಂದ ಇಂಡಸ್ಟ್ರಿಯಲ್ ಅಲರ್ಟ್ ಎಮಿರೇಟ್ಸ್, ಕುವೈತ್ ಮತ್ತು ಬಹ್ರೇನ್ ವಾಯು ರಕ್ಷಣಾ ವ್ಯವಸ್ಥೆ ಸಕ್ರಿಯಗೊಳಿಸಲಾಗಿದೆ ಎಂದು ಹೇಳಲಾಗಿದೆ. ಕುವೈತ್‌ನಲ್ಲಿ ಕುವೈತ್ ವಿದ್ಯುತ್ ಮತ್ತು ನೀರು ಸ್ಥಾವರದ ಮೇಲೆ ಇರಾನಿನ ದಾಳಿಯು ಒಬ್ಬ ಭಾರತೀಯ ಕಾರ್ಮಿಕನನ್ನು ಸಾವನ್ನಪ್ಪಿದ್ದಾರೆ. ಹಾಗೆಯೇ ಸ್ಥಳದಲ್ಲಿ ಉಂಟಾದ ಸ್ಫೋಟದಿಂದ ಒಂದು ಕಟ್ಟಡಕ್ಕೆ ಹಾನಿಯಾಗಿದೆ ಎಂದು ತಿಳಿಸಿದೆ. "ಕುವೈತ್ ರಾಜ್ಯದ ವಿರುದ್ಧ ಇರಾನಿನ ಆಕ್ರಮಣದ ಭಾಗವಾಗಿ ವಿದ್ಯುತ್ ಮತ್ತು ನೀರು ನಿರ್ಲವಣೀಕರಣ ಘಟಕದಲ್ಲಿನ ಸೇವಾ ಕಟ್ಟಡದ ಮೇಲೆ ದಾಳಿ ನಡೆಸಲಾಗಿದೆ. ಈ ಘಟನೆಯಲ್ಲಿ ಒಬ್ಬ ಭಾರತೀಯ ಕಾರ್ಮಿಕನನ್ನು ಸಾವನ್ನಪ್ಪಿದ್ದಾನೆ ಮತ್ತು ಕಟ್ಟಡಕ್ಕೆ ಗಮನಾರ್ಹ ಹಾನಿಯಾಗಿದೆ ಎಂದು ಸಚಿವಾಲಯದ ವಕ್ತಾರ ಫಾತಿಮಾ ಅಬ್ಬಾಸ್ ಜವಾಹರ್ ಹಯಾತ್ ತಿಳಿಸಿದ್ದಾರೆ.
